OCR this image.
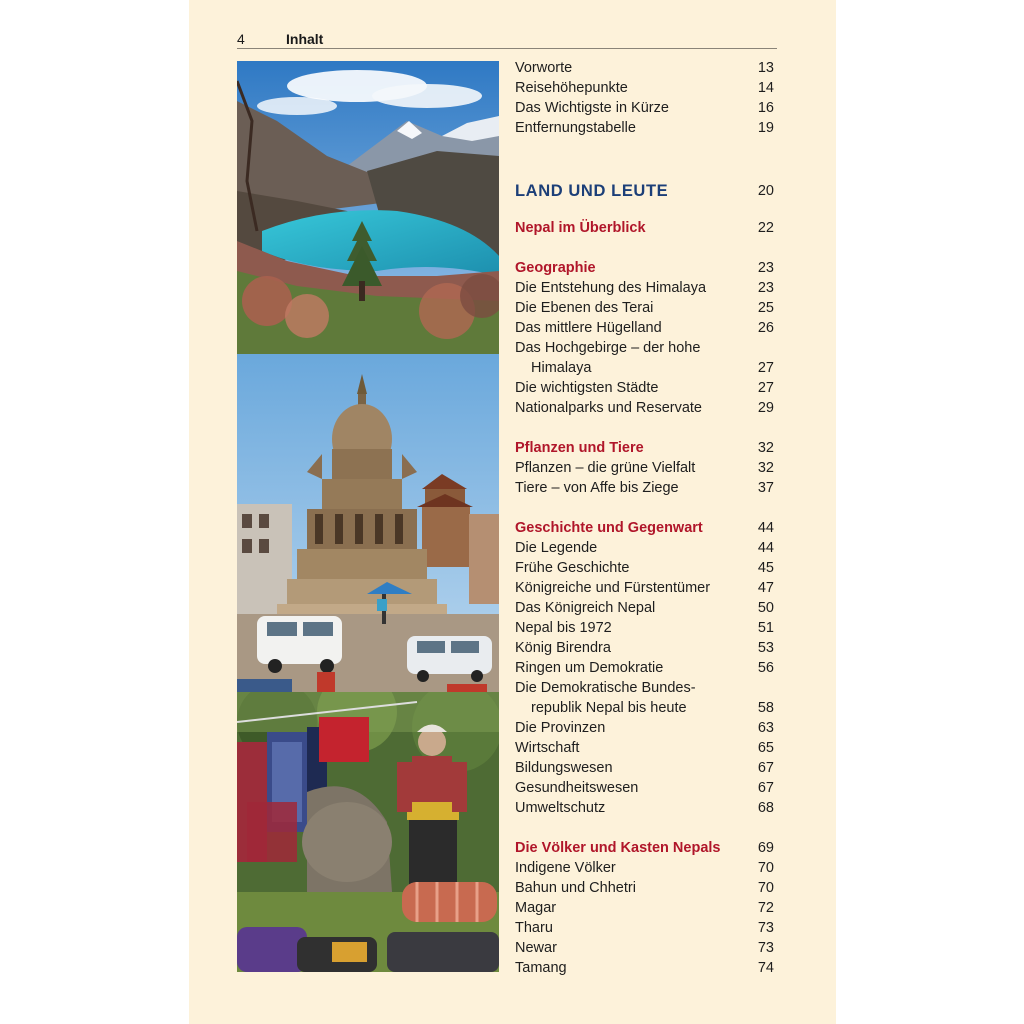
4	Inhalt
Vorworte	13
Reisehöhepunkte	14
Das Wichtigste in Kürze	16
Entfernungstabelle	19
LAND UND LEUTE	20
Nepal im Überblick	22
Geographie	23
Die Entstehung des Himalaya	23
Die Ebenen des Terai	25
Das mittlere Hügelland	26
Das Hochgebirge – der hohe
Himalaya	27
Die wichtigsten Städte	27
Nationalparks und Reservate	29
Pflanzen und Tiere	32
Pflanzen – die grüne Vielfalt	32
Tiere – von Affe bis Ziege	37
Geschichte und Gegenwart	44
Die Legende	44
Frühe Geschichte	45
Königreiche und Fürstentümer	47
Das Königreich Nepal	50
Nepal bis 1972	51
König Birendra	53
Ringen um Demokratie	56
Die Demokratische Bundes-
republik Nepal bis heute	58
Die Provinzen	63
Wirtschaft	65
Bildungswesen	67
Gesundheitswesen	67
Umweltschutz	68
Die Völker und Kasten Nepals	69
Indigene Völker	70
Bahun und Chhetri	70
Magar	72
Tharu	73
Newar	73
Tamang	74
